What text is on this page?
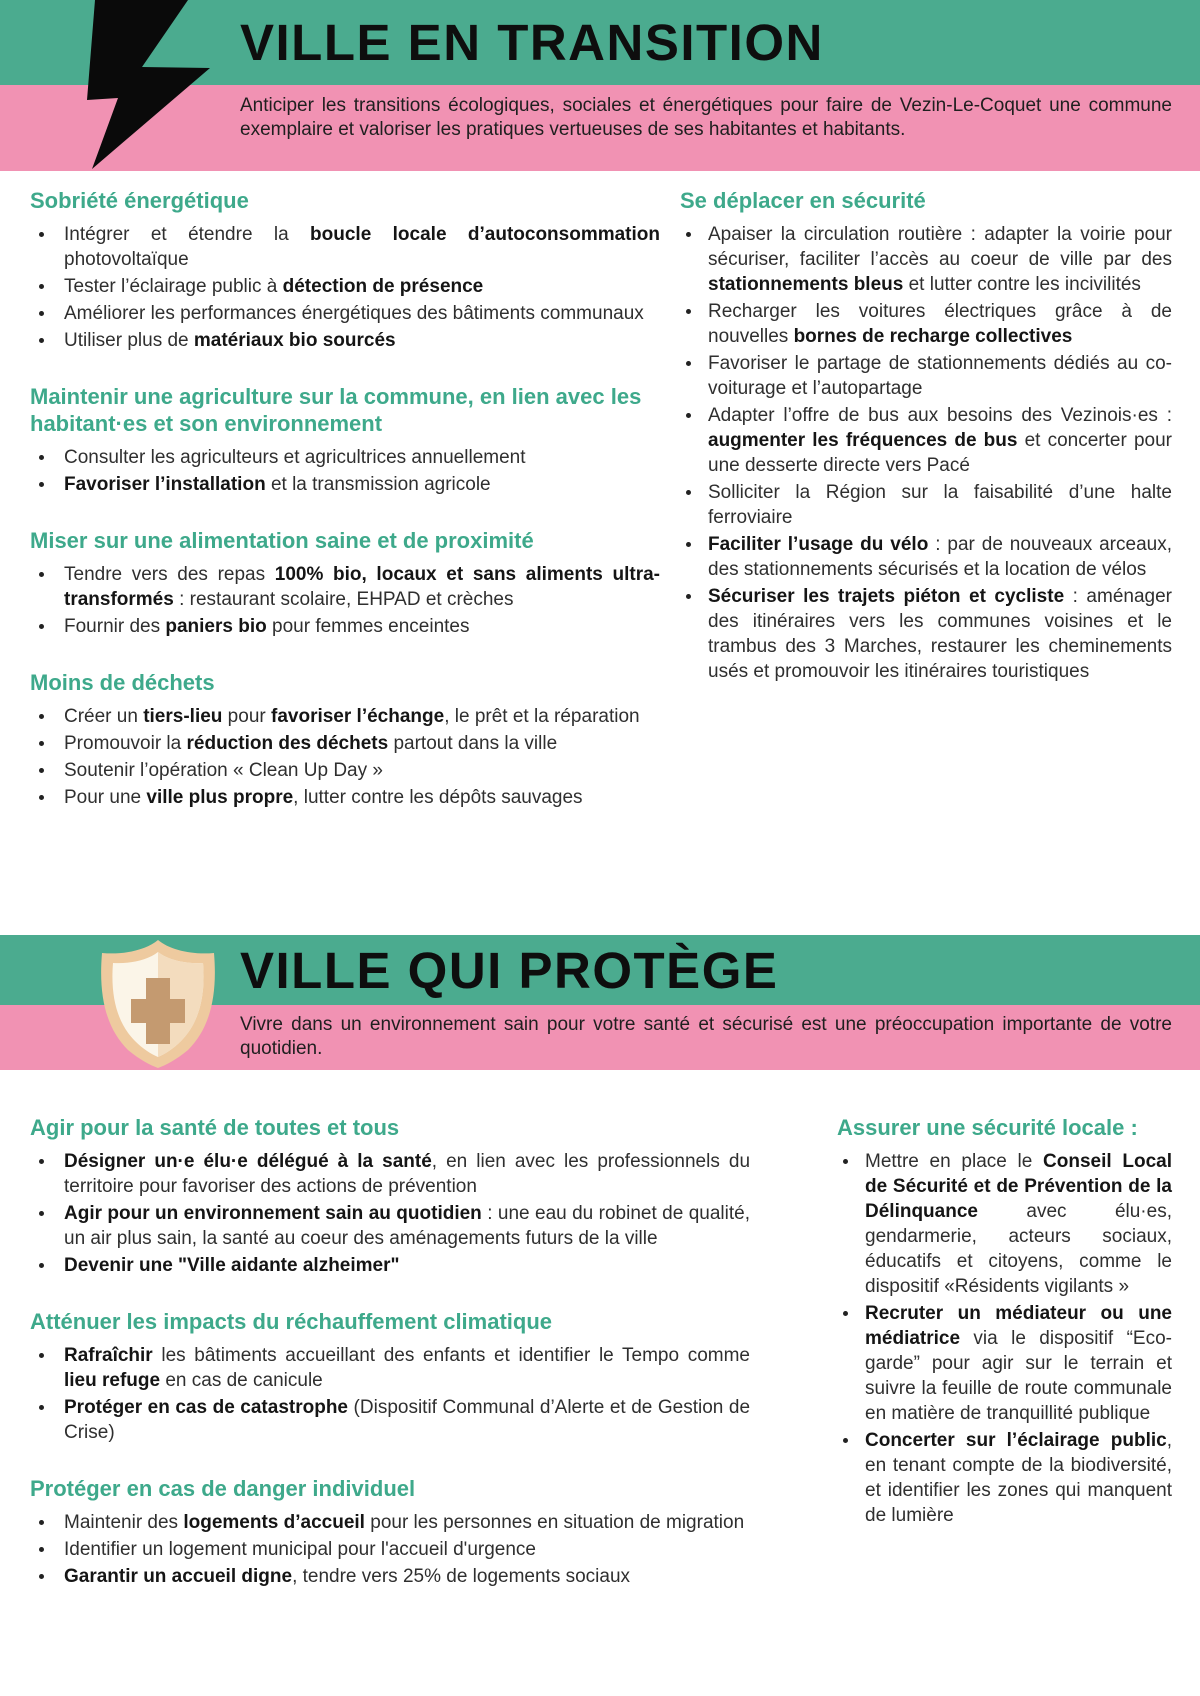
VILLE EN TRANSITION

Anticiper les transitions écologiques, sociales et énergétiques pour faire de Vezin-Le-Coquet une commune exemplaire et valoriser les pratiques vertueuses de ses habitantes et habitants.

Sobriété énergétique
Intégrer et étendre la boucle locale d’autoconsommation photovoltaïque
Tester l’éclairage public à détection de présence
Améliorer les performances énergétiques des bâtiments communaux
Utiliser plus de matériaux bio sourcés
Maintenir une agriculture sur la commune, en lien avec les habitant·es et son environnement
Consulter les agriculteurs et agricultrices annuellement
Favoriser l’installation et la transmission agricole
Miser sur une alimentation saine et de proximité
Tendre vers des repas 100% bio, locaux et sans aliments ultra-transformés : restaurant scolaire, EHPAD et crèches
Fournir des paniers bio pour femmes enceintes
Moins de déchets
Créer un tiers-lieu pour favoriser l’échange, le prêt et la réparation
Promouvoir la réduction des déchets partout dans la ville
Soutenir l’opération « Clean Up Day »
Pour une ville plus propre, lutter contre les dépôts sauvages
Se déplacer en sécurité
Apaiser la circulation routière : adapter la voirie pour sécuriser, faciliter l’accès au coeur de ville par des stationnements bleus et lutter contre les incivilités
Recharger les voitures électriques grâce à de nouvelles bornes de recharge collectives
Favoriser le partage de stationnements dédiés au co-voiturage et l’autopartage
Adapter l’offre de bus aux besoins des Vezinois·es : augmenter les fréquences de bus et concerter pour une desserte directe vers Pacé
Solliciter la Région sur la faisabilité d’une halte ferroviaire
Faciliter l’usage du vélo : par de nouveaux arceaux, des stationnements sécurisés et la location de vélos
Sécuriser les trajets piéton et cycliste : aménager des itinéraires vers les communes voisines et le trambus des 3 Marches, restaurer les cheminements usés et promouvoir les itinéraires touristiques
VILLE QUI PROTÈGE

Vivre dans un environnement sain pour votre santé et sécurisé est une préoccupation importante de votre quotidien.

Agir pour la santé de toutes et tous
Désigner un·e élu·e délégué à la santé, en lien avec les professionnels du territoire pour favoriser des actions de prévention
Agir pour un environnement sain au quotidien : une eau du robinet de qualité, un air plus sain, la santé au coeur des aménagements futurs de la ville
Devenir une "Ville aidante alzheimer"
Atténuer les impacts du réchauffement climatique
Rafraîchir les bâtiments accueillant des enfants et identifier le Tempo comme lieu refuge en cas de canicule
Protéger en cas de catastrophe (Dispositif Communal d’Alerte et de Gestion de Crise)
Protéger en cas de danger individuel
Maintenir des logements d’accueil pour les personnes en situation de migration
Identifier un logement municipal pour l'accueil d'urgence
Garantir un accueil digne, tendre vers 25% de logements sociaux
Assurer une sécurité locale :
Mettre en place le Conseil Local de Sécurité et de Prévention de la Délinquance avec élu·es, gendarmerie, acteurs sociaux, éducatifs et citoyens, comme le dispositif «Résidents vigilants »
Recruter un médiateur ou une médiatrice via le dispositif “Eco-garde” pour agir sur le terrain et suivre la feuille de route communale en matière de tranquillité publique
Concerter sur l’éclairage public, en tenant compte de la biodiversité, et identifier les zones qui manquent de lumière
